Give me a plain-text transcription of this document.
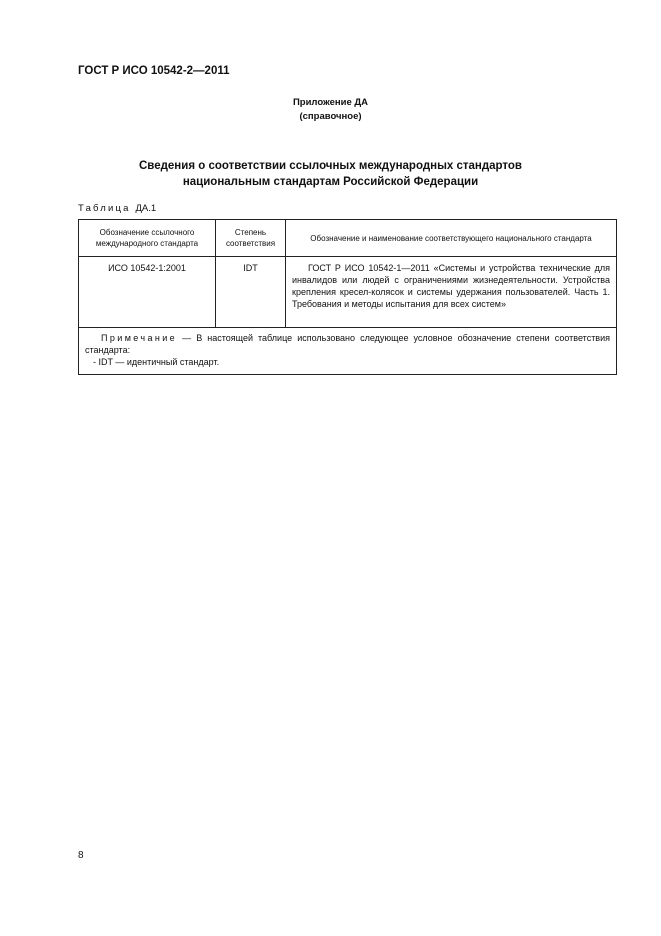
ГОСТ Р ИСО 10542-2—2011
Приложение ДА
(справочное)
Сведения о соответствии ссылочных международных стандартов
национальным стандартам Российской Федерации
Таблица ДА.1
Обозначение ссылочного международного стандарта	Степень соответствия	Обозначение и наименование соответствующего национального стандарта

ИСО 10542-1:2001	IDT	ГОСТ Р ИСО 10542-1—2011 «Системы и устройства технические для инвалидов или людей с ограничениями жизнедеятельности. Устройства крепления кресел-колясок и системы удержания пользователей. Часть 1. Требования и методы испытания для всех систем»

Примечание — В настоящей таблице использовано следующее условное обозначение степени соответствия стандарта:
- IDT — идентичный стандарт.		
8
